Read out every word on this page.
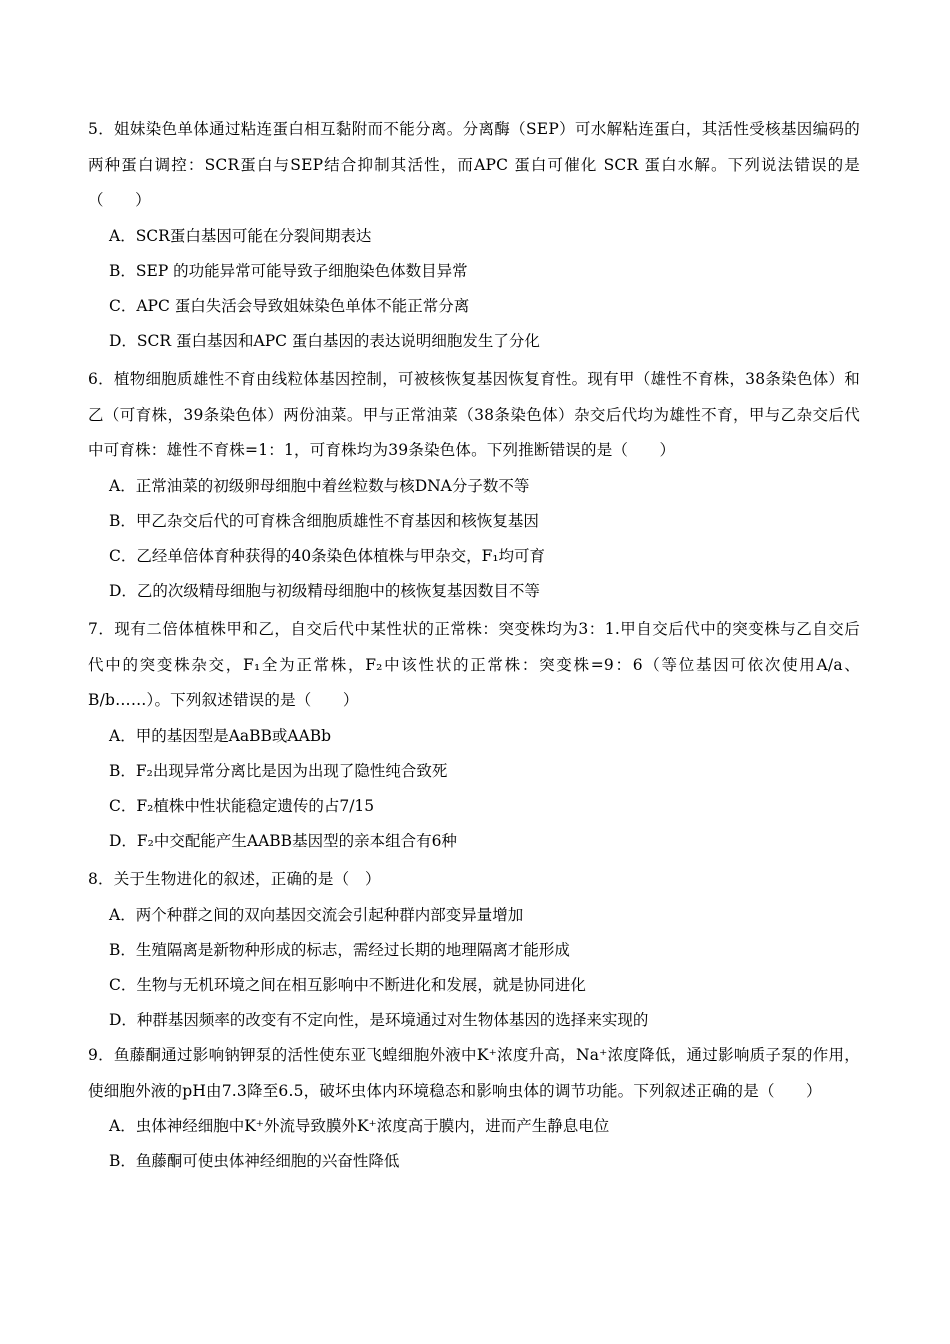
5．姐妹染色单体通过粘连蛋白相互黏附而不能分离。分离酶（SEP）可水解粘连蛋白，其活性受核基因编码的两种蛋白调控：SCR蛋白与SEP结合抑制其活性，而APC 蛋白可催化 SCR 蛋白水解。下列说法错误的是（　　）

A．SCR蛋白基因可能在分裂间期表达

B．SEP 的功能异常可能导致子细胞染色体数目异常

C．APC 蛋白失活会导致姐妹染色单体不能正常分离

D．SCR 蛋白基因和APC 蛋白基因的表达说明细胞发生了分化

6．植物细胞质雄性不育由线粒体基因控制，可被核恢复基因恢复育性。现有甲（雄性不育株，38条染色体）和乙（可育株，39条染色体）两份油菜。甲与正常油菜（38条染色体）杂交后代均为雄性不育，甲与乙杂交后代中可育株：雄性不育株=1：1，可育株均为39条染色体。下列推断错误的是（　　）

A．正常油菜的初级卵母细胞中着丝粒数与核DNA分子数不等

B．甲乙杂交后代的可育株含细胞质雄性不育基因和核恢复基因

C．乙经单倍体育种获得的40条染色体植株与甲杂交，F₁均可育

D．乙的次级精母细胞与初级精母细胞中的核恢复基因数目不等

7．现有二倍体植株甲和乙，自交后代中某性状的正常株：突变株均为3：1.甲自交后代中的突变株与乙自交后代中的突变株杂交，F₁全为正常株，F₂中该性状的正常株：突变株=9：6（等位基因可依次使用A/a、B/b……）。下列叙述错误的是（　　）

A．甲的基因型是AaBB或AABb

B．F₂出现异常分离比是因为出现了隐性纯合致死

C．F₂植株中性状能稳定遗传的占7/15

D．F₂中交配能产生AABB基因型的亲本组合有6种

8．关于生物进化的叙述，正确的是（　）

A．两个种群之间的双向基因交流会引起种群内部变异量增加

B．生殖隔离是新物种形成的标志，需经过长期的地理隔离才能形成

C．生物与无机环境之间在相互影响中不断进化和发展，就是协同进化

D．种群基因频率的改变有不定向性，是环境通过对生物体基因的选择来实现的

9．鱼藤酮通过影响钠钾泵的活性使东亚飞蝗细胞外液中K⁺浓度升高，Na⁺浓度降低，通过影响质子泵的作用，使细胞外液的pH由7.3降至6.5，破坏虫体内环境稳态和影响虫体的调节功能。下列叙述正确的是（　　）

A．虫体神经细胞中K⁺外流导致膜外K⁺浓度高于膜内，进而产生静息电位

B．鱼藤酮可使虫体神经细胞的兴奋性降低
